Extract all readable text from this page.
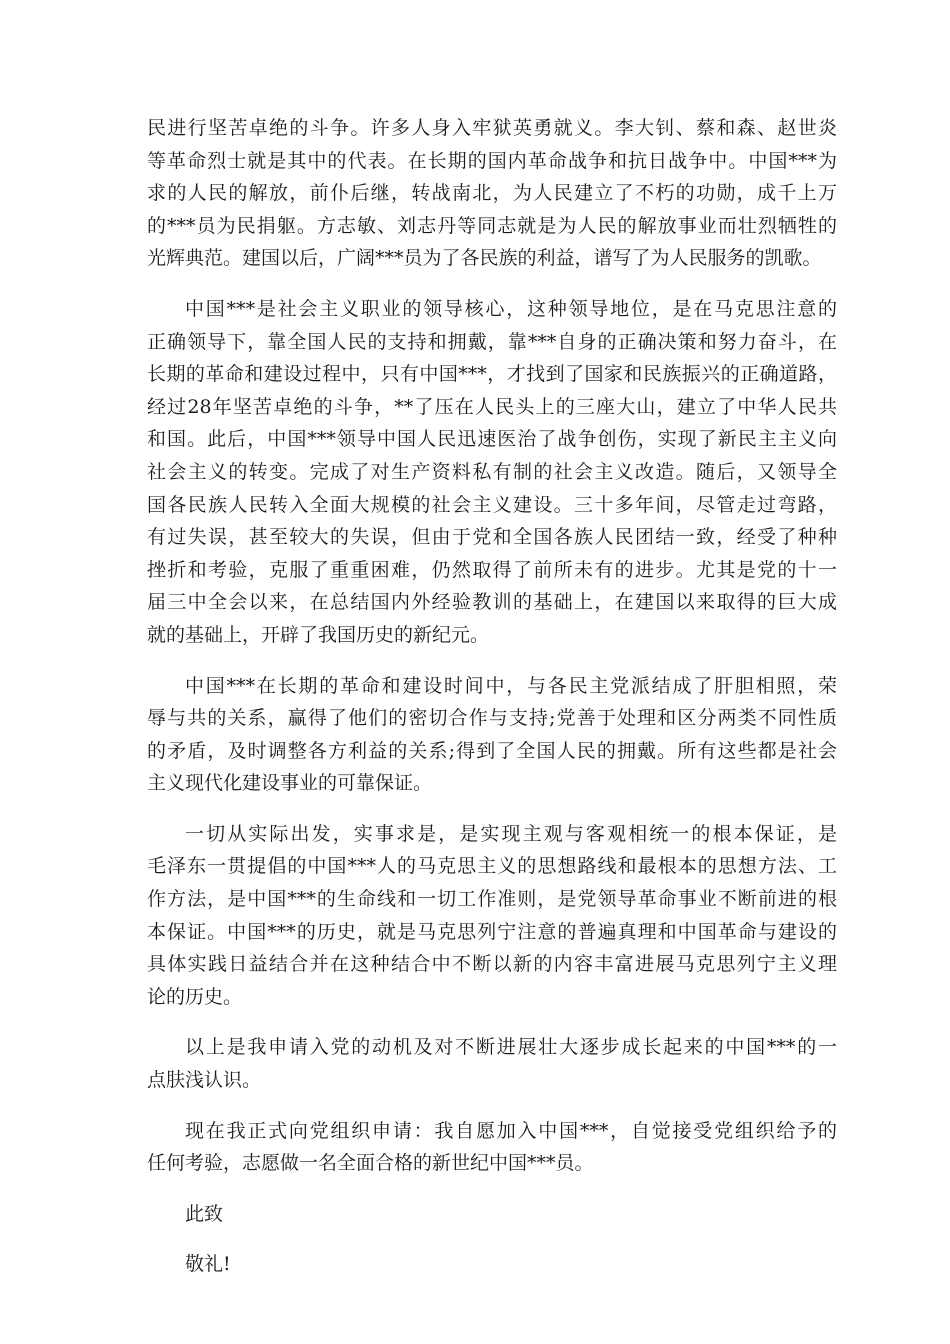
民进行坚苦卓绝的斗争。许多人身入牢狱英勇就义。李大钊、蔡和森、赵世炎
等革命烈士就是其中的代表。在长期的国内革命战争和抗日战争中。中国***为
求的人民的解放，前仆后继，转战南北，为人民建立了不朽的功勋，成千上万
的***员为民捐躯。方志敏、刘志丹等同志就是为人民的解放事业而壮烈牺牲的
光辉典范。建国以后，广阔***员为了各民族的利益，谱写了为人民服务的凯歌。
中国***是社会主义职业的领导核心，这种领导地位，是在马克思注意的
正确领导下，靠全国人民的支持和拥戴，靠***自身的正确决策和努力奋斗，在
长期的革命和建设过程中，只有中国***，才找到了国家和民族振兴的正确道路，
经过28年坚苦卓绝的斗争，**了压在人民头上的三座大山，建立了中华人民共
和国。此后，中国***领导中国人民迅速医治了战争创伤，实现了新民主主义向
社会主义的转变。完成了对生产资料私有制的社会主义改造。随后，又领导全
国各民族人民转入全面大规模的社会主义建设。三十多年间，尽管走过弯路，
有过失误，甚至较大的失误，但由于党和全国各族人民团结一致，经受了种种
挫折和考验，克服了重重困难，仍然取得了前所未有的进步。尤其是党的十一
届三中全会以来，在总结国内外经验教训的基础上，在建国以来取得的巨大成
就的基础上，开辟了我国历史的新纪元。
中国***在长期的革命和建设时间中，与各民主党派结成了肝胆相照，荣
辱与共的关系，赢得了他们的密切合作与支持;党善于处理和区分两类不同性质
的矛盾，及时调整各方利益的关系;得到了全国人民的拥戴。所有这些都是社会
主义现代化建设事业的可靠保证。
一切从实际出发，实事求是，是实现主观与客观相统一的根本保证，是
毛泽东一贯提倡的中国***人的马克思主义的思想路线和最根本的思想方法、工
作方法，是中国***的生命线和一切工作准则，是党领导革命事业不断前进的根
本保证。中国***的历史，就是马克思列宁注意的普遍真理和中国革命与建设的
具体实践日益结合并在这种结合中不断以新的内容丰富进展马克思列宁主义理
论的历史。
以上是我申请入党的动机及对不断进展壮大逐步成长起来的中国***的一
点肤浅认识。
现在我正式向党组织申请：我自愿加入中国***，自觉接受党组织给予的
任何考验，志愿做一名全面合格的新世纪中国***员。
此致
敬礼!
